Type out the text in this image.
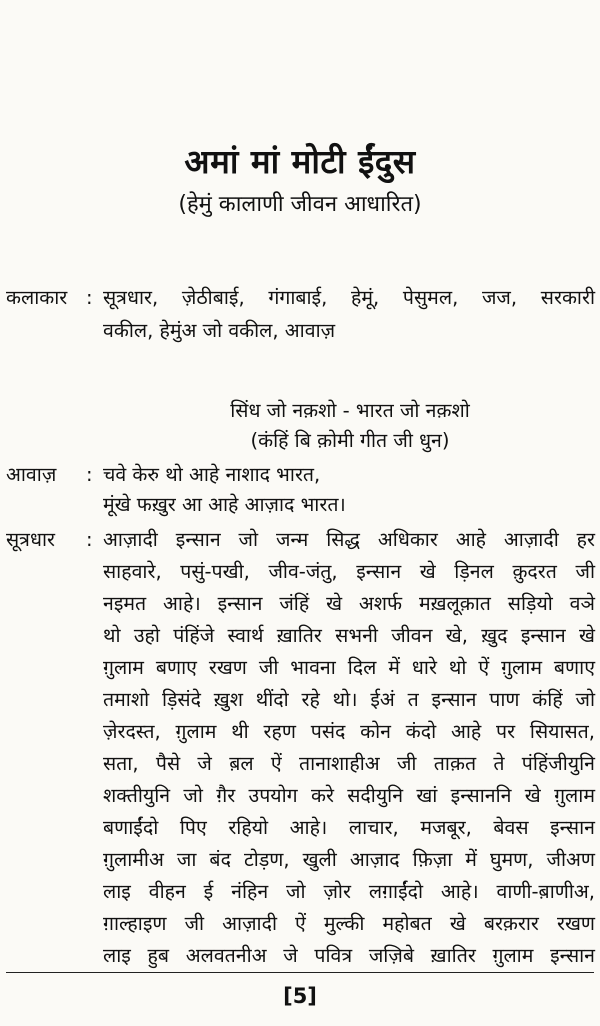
अमां मां मोटी ईंदुस
(हेमुं कालाणी जीवन आधारित)
कलाकार : सूत्रधार, ज़ेठीबाई, गंगाबाई, हेमूं, पेसुमल, जज, सरकारी
वकील, हेमुंअ जो वकील, आवाज़
सिंध जो नक़शो - भारत जो नक़शो
(कंहिं बि क़ोमी गीत जी धुन)
आवाज़ : चवे केरु थो आहे नाशाद भारत,
मूंखे फख़ुर आ आहे आज़ाद भारत।
सूत्रधार : आज़ादी इन्सान जो जन्म सिद्ध अधिकार आहे आज़ादी हर
साहवारे, पसुं-पखी, जीव-जंतु, इन्सान खे ड़िनल क़ुदरत जी
नइमत आहे। इन्सान जंहिं खे अशर्फ मख़लूक़ात सड़ियो वञे
थो उहो पंहिंजे स्वार्थ ख़ातिर सभनी जीवन खे, ख़ुद इन्सान खे
ग़ुलाम बणाए रखण जी भावना दिल में धारे थो ऐं ग़ुलाम बणाए
तमाशो ड़िसंदे ख़ुश थींदो रहे थो। ईअं त इन्सान पाण कंहिं जो
ज़ेरदस्त, ग़ुलाम थी रहण पसंद कोन कंदो आहे पर सियासत,
सता, पैसे जे ब़ल ऐं तानाशाहीअ जी ताक़त ते पंहिंजीयुनि
शक्तीयुनि जो ग़ैर उपयोग करे सदीयुनि खां इन्साननि खे ग़ुलाम
बणाईंदो पिए रहियो आहे। लाचार, मजबूर, बेवस इन्सान
ग़ुलामीअ जा बंद टोड़ण, खुली आज़ाद फ़िज़ा में घुमण, जीअण
लाइ वीहन ई नंहिन जो ज़ोर लग़ाईंदो आहे। वाणी-ब़ाणीअ,
ग़ाल्हाइण जी आज़ादी ऐं मुल्की महोबत खे बरक़रार रखण
लाइ हुब अलवतनीअ जे पवित्र जज़िबे ख़ातिर ग़ुलाम इन्सान
[5]
